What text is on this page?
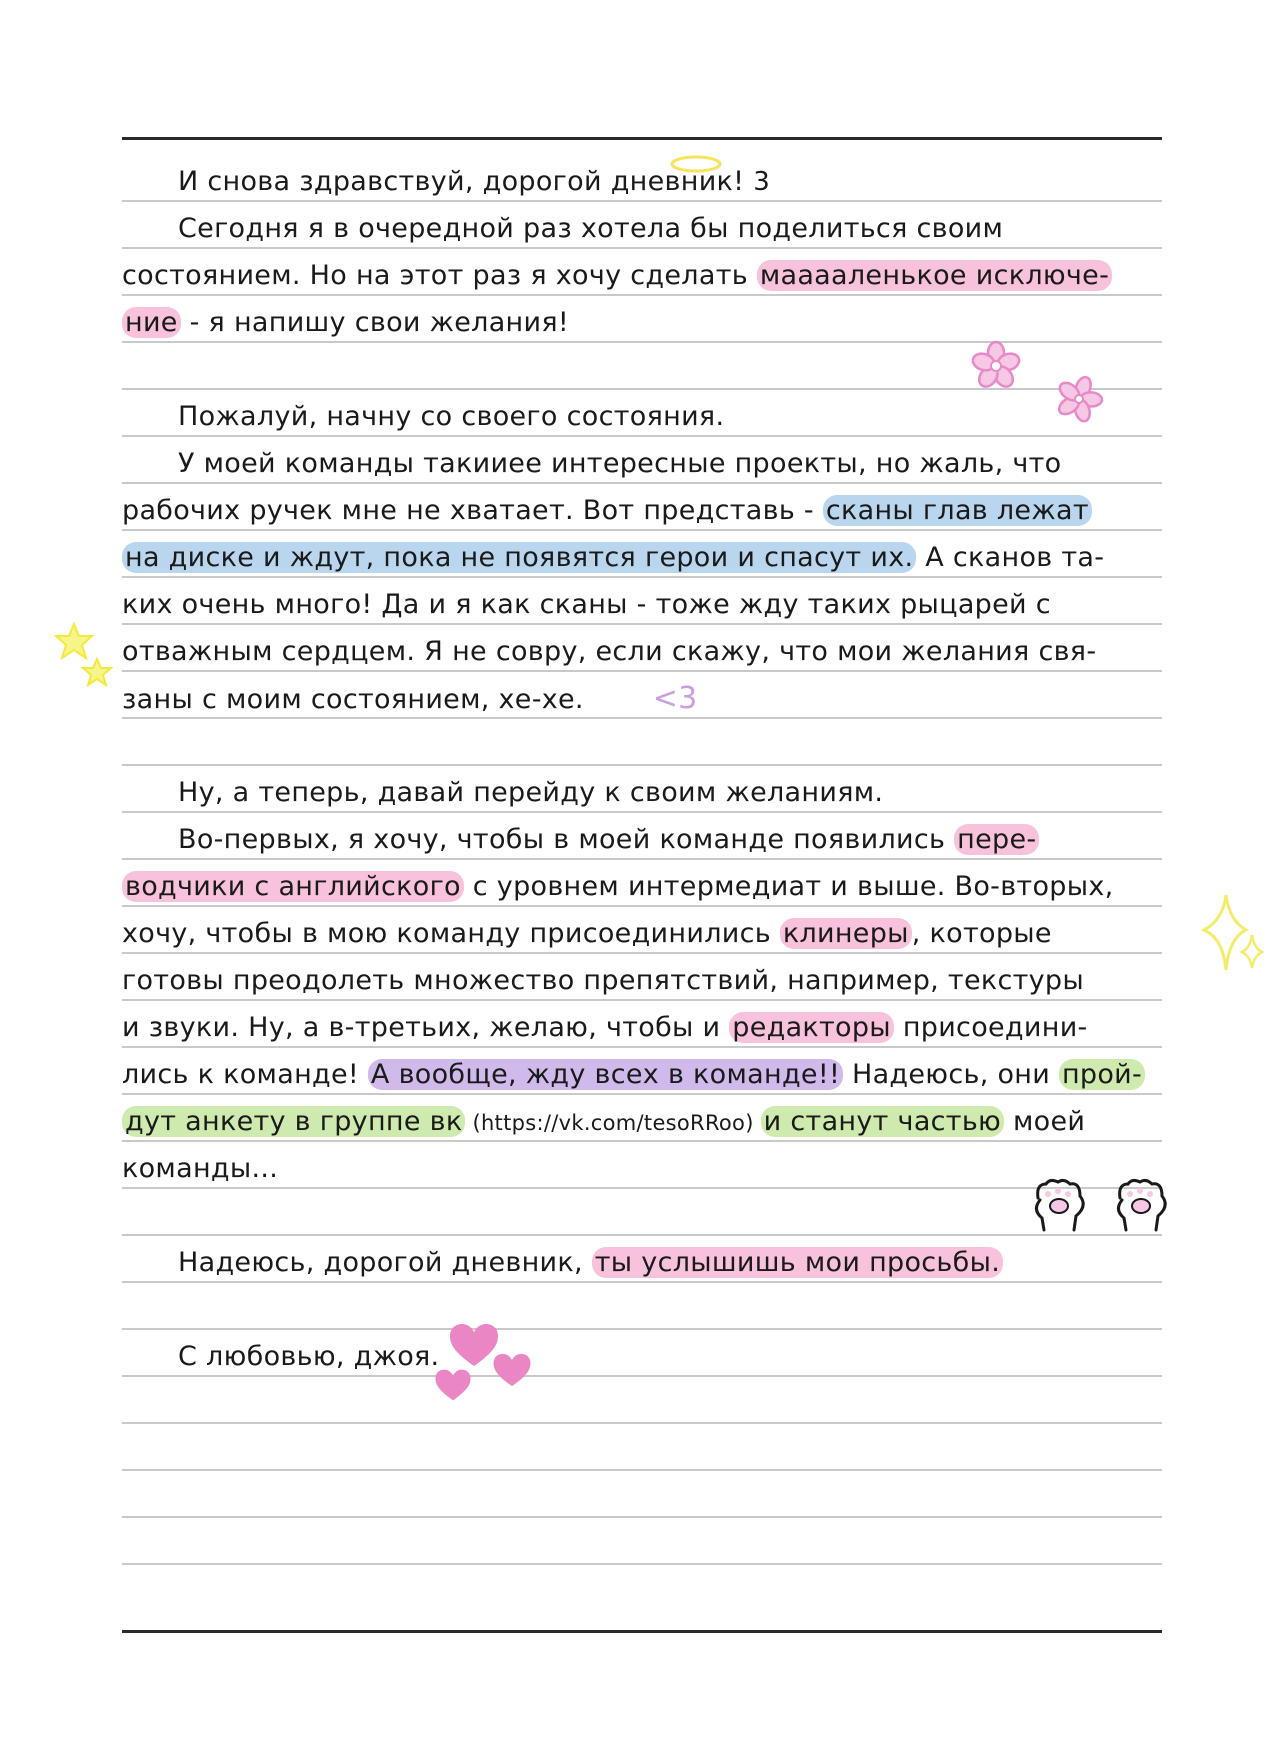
И снова здравствуй, дорогой дневник! 3
Сегодня я в очередной раз хотела бы поделиться своим
состоянием. Но на этот раз я хочу сделать мааааленькое исключе-
ние - я напишу свои желания!
Пожалуй, начну со своего состояния.
У моей команды такииее интересные проекты, но жаль, что
рабочих ручек мне не хватает. Вот представь - сканы глав лежат
на диске и ждут, пока не появятся герои и спасут их. А сканов та-
ких очень много! Да и я как сканы - тоже жду таких рыцарей с
отважным сердцем. Я не совру, если скажу, что мои желания свя-
заны с моим состоянием, хе-хе. <3
Ну, а теперь, давай перейду к своим желаниям.
Во-первых, я хочу, чтобы в моей команде появились пере-
водчики с английского с уровнем интермедиат и выше. Во-вторых,
хочу, чтобы в мою команду присоединились клинеры , которые
готовы преодолеть множество препятствий, например, текстуры
и звуки. Ну, а в-третьих, желаю, чтобы и редакторы присоедини-
лись к команде! А вообще, жду всех в команде!! Надеюсь, они прой-
дут анкету в группе вк (https://vk.com/tesoRRoo) и станут частью моей
команды...
Надеюсь, дорогой дневник, ты услышишь мои просьбы.
С любовью, джоя.
